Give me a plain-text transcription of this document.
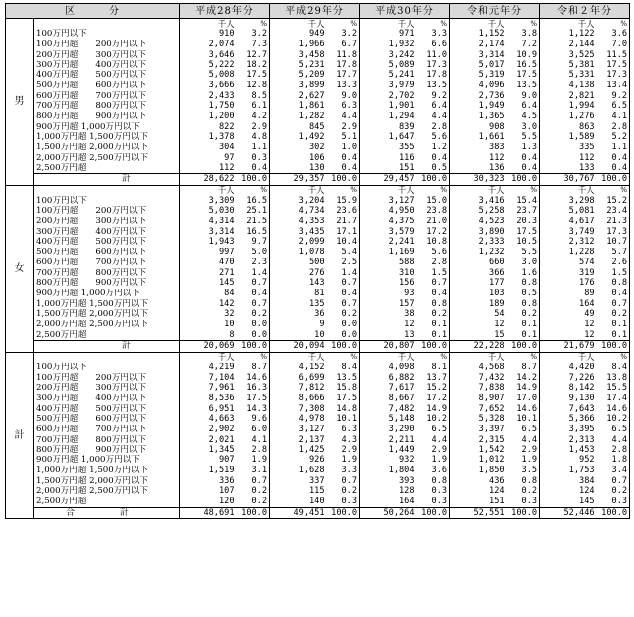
区　　　分		平成28年分		平成29年分		平成30年分		令和元年分		令和２年分	
男		千人	%	千人	%	千人	%	千人	%	千人	%
	100万円以下	910	3.2	949	3.2	971	3.3	1,152	3.8	1,122	3.6
	100万円超　　200万円以下	2,074	7.3	1,966	6.7	1,932	6.6	2,174	7.2	2,144	7.0
	200万円超　　300万円以下	3,646	12.7	3,458	11.8	3,242	11.0	3,314	10.9	3,525	11.5
	300万円超　　400万円以下	5,222	18.2	5,231	17.8	5,089	17.3	5,017	16.5	5,381	17.5
	400万円超　　500万円以下	5,008	17.5	5,209	17.7	5,241	17.8	5,319	17.5	5,331	17.3
	500万円超　　600万円以下	3,666	12.8	3,899	13.3	3,979	13.5	4,096	13.5	4,138	13.4
	600万円超　　700万円以下	2,433	8.5	2,627	9.0	2,702	9.2	2,736	9.0	2,821	9.2
	700万円超　　800万円以下	1,750	6.1	1,861	6.3	1,901	6.4	1,949	6.4	1,994	6.5
	800万円超　　900万円以下	1,200	4.2	1,282	4.4	1,294	4.4	1,365	4.5	1,276	4.1
	900万円超 1,000万円以下	822	2.9	845	2.9	839	2.8	908	3.0	863	2.8
	1,000万円超 1,500万円以下	1,378	4.8	1,492	5.1	1,647	5.6	1,661	5.5	1,589	5.2
	1,500万円超 2,000万円以下	304	1.1	302	1.0	355	1.2	383	1.3	335	1.1
	2,000万円超 2,500万円以下	97	0.3	106	0.4	116	0.4	112	0.4	112	0.4
	2,500万円超	112	0.4	130	0.4	151	0.5	136	0.4	133	0.4
	計	28,622	100.0	29,357	100.0	29,457	100.0	30,323	100.0	30,767	100.0
女		千人	%	千人	%	千人	%	千人	%	千人	%
	100万円以下	3,309	16.5	3,204	15.9	3,127	15.0	3,416	15.4	3,298	15.2
	100万円超　　200万円以下	5,030	25.1	4,734	23.6	4,950	23.8	5,258	23.7	5,081	23.4
	200万円超　　300万円以下	4,314	21.5	4,353	21.7	4,375	21.0	4,523	20.3	4,617	21.3
	300万円超　　400万円以下	3,314	16.5	3,435	17.1	3,579	17.2	3,890	17.5	3,749	17.3
	400万円超　　500万円以下	1,943	9.7	2,099	10.4	2,241	10.8	2,333	10.5	2,312	10.7
	500万円超　　600万円以下	997	5.0	1,078	5.4	1,169	5.6	1,232	5.5	1,228	5.7
	600万円超　　700万円以下	470	2.3	500	2.5	588	2.8	660	3.0	574	2.6
	700万円超　　800万円以下	271	1.4	276	1.4	310	1.5	366	1.6	319	1.5
	800万円超　　900万円以下	145	0.7	143	0.7	156	0.7	177	0.8	176	0.8
	900万円超 1,000万円以下	84	0.4	81	0.4	93	0.4	103	0.5	89	0.4
	1,000万円超 1,500万円以下	142	0.7	135	0.7	157	0.8	189	0.8	164	0.7
	1,500万円超 2,000万円以下	32	0.2	36	0.2	38	0.2	54	0.2	49	0.2
	2,000万円超 2,500万円以下	10	0.0	9	0.0	12	0.1	12	0.1	12	0.1
	2,500万円超	8	0.0	10	0.0	13	0.1	15	0.1	12	0.1
	計	20,069	100.0	20,094	100.0	20,807	100.0	22,228	100.0	21,679	100.0
計		千人	%	千人	%	千人	%	千人	%	千人	%
	100万円以下	4,219	8.7	4,152	8.4	4,098	8.1	4,568	8.7	4,420	8.4
	100万円超　　200万円以下	7,104	14.6	6,699	13.5	6,882	13.7	7,432	14.2	7,226	13.8
	200万円超　　300万円以下	7,961	16.3	7,812	15.8	7,617	15.2	7,838	14.9	8,142	15.5
	300万円超　　400万円以下	8,536	17.5	8,666	17.5	8,667	17.2	8,907	17.0	9,130	17.4
	400万円超　　500万円以下	6,951	14.3	7,308	14.8	7,482	14.9	7,652	14.6	7,643	14.6
	500万円超　　600万円以下	4,663	9.6	4,978	10.1	5,148	10.2	5,328	10.1	5,366	10.2
	600万円超　　700万円以下	2,902	6.0	3,127	6.3	3,290	6.5	3,397	6.5	3,395	6.5
	700万円超　　800万円以下	2,021	4.1	2,137	4.3	2,211	4.4	2,315	4.4	2,313	4.4
	800万円超　　900万円以下	1,345	2.8	1,425	2.9	1,449	2.9	1,542	2.9	1,453	2.8
	900万円超 1,000万円以下	907	1.9	926	1.9	932	1.9	1,012	1.9	952	1.8
	1,000万円超 1,500万円以下	1,519	3.1	1,628	3.3	1,804	3.6	1,850	3.5	1,753	3.4
	1,500万円超 2,000万円以下	336	0.7	337	0.7	393	0.8	436	0.8	384	0.7
	2,000万円超 2,500万円以下	107	0.2	115	0.2	128	0.3	124	0.2	124	0.2
	2,500万円超	120	0.2	140	0.3	164	0.3	151	0.3	145	0.3
	合　計	48,691	100.0	49,451	100.0	50,264	100.0	52,551	100.0	52,446	100.0
